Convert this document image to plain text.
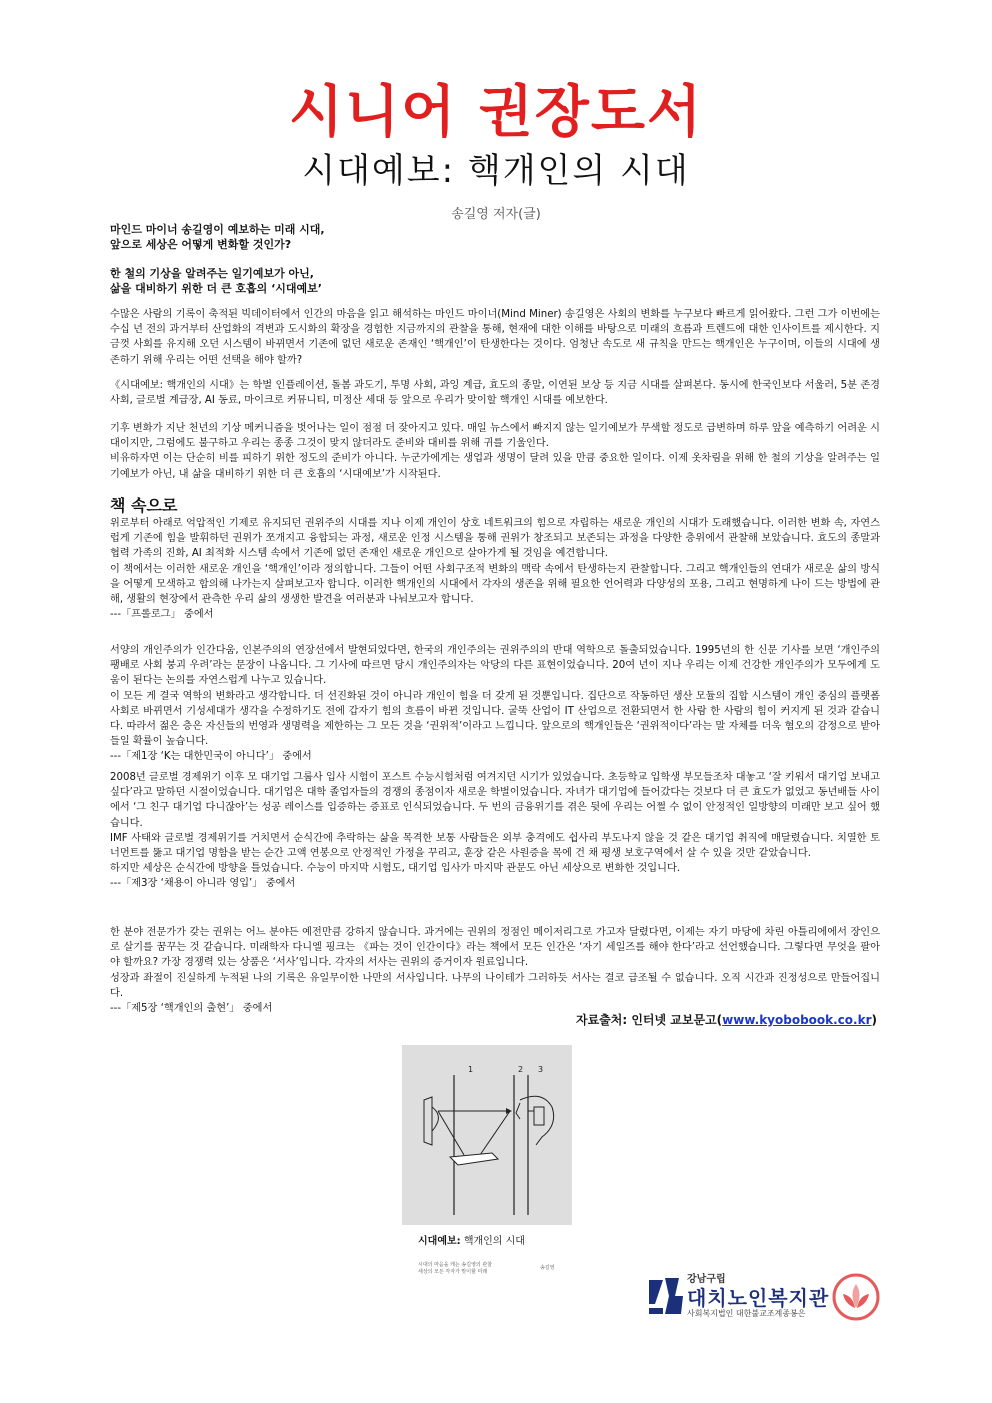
시니어 권장도서
시대예보: 핵개인의 시대
송길영 저자(글)
마인드 마이너 송길영이 예보하는 미래 시대,
앞으로 세상은 어떻게 변화할 것인가?
한 철의 기상을 알려주는 일기예보가 아닌,
삶을 대비하기 위한 더 큰 호흡의 ‘시대예보’

수많은 사람의 기록이 축적된 빅데이터에서 인간의 마음을 읽고 해석하는 마인드 마이너(Mind Miner) 송길영은 사회의 변화를 누구보다 빠르게 읽어왔다. 그런 그가 이번에는 수십 년 전의 과거부터 산업화의 격변과 도시화의 확장을 경험한 지금까지의 관찰을 통해, 현재에 대한 이해를 바탕으로 미래의 흐름과 트렌드에 대한 인사이트를 제시한다. 지금껏 사회를 유지해 오던 시스템이 바뀌면서 기존에 없던 새로운 존재인 ‘핵개인’이 탄생한다는 것이다. 엄청난 속도로 새 규칙을 만드는 핵개인은 누구이며, 이들의 시대에 생존하기 위해 우리는 어떤 선택을 해야 할까?

《시대예보: 핵개인의 시대》는 학벌 인플레이션, 돌봄 과도기, 투명 사회, 과잉 계급, 효도의 종말, 이연된 보상 등 지금 시대를 살펴본다. 동시에 한국인보다 서울러, 5분 존경 사회, 글로벌 계급장, AI 동료, 마이크로 커뮤니티, 미정산 세대 등 앞으로 우리가 맞이할 핵개인 시대를 예보한다.

기후 변화가 지난 천년의 기상 메커니즘을 벗어나는 일이 점점 더 잦아지고 있다. 매일 뉴스에서 빠지지 않는 일기예보가 무색할 정도로 급변하며 하루 앞을 예측하기 어려운 시대이지만, 그럼에도 불구하고 우리는 종종 그것이 맞지 않더라도 준비와 대비를 위해 귀를 기울인다.

비유하자면 이는 단순히 비를 피하기 위한 정도의 준비가 아니다. 누군가에게는 생업과 생명이 달려 있을 만큼 중요한 일이다. 이제 옷차림을 위해 한 철의 기상을 알려주는 일기예보가 아닌, 내 삶을 대비하기 위한 더 큰 호흡의 ‘시대예보’가 시작된다.

책 속으로

위로부터 아래로 억압적인 기제로 유지되던 권위주의 시대를 지나 이제 개인이 상호 네트워크의 힘으로 자립하는 새로운 개인의 시대가 도래했습니다. 이러한 변화 속, 자연스럽게 기존에 힘을 발휘하던 권위가 쪼개지고 융합되는 과정, 새로운 인정 시스템을 통해 권위가 창조되고 보존되는 과정을 다양한 층위에서 관찰해 보았습니다. 효도의 종말과 협력 가족의 진화, AI 최적화 시스템 속에서 기존에 없던 존재인 새로운 개인으로 살아가게 될 것임을 예견합니다.

이 책에서는 이러한 새로운 개인을 ‘핵개인’이라 정의합니다. 그들이 어떤 사회구조적 변화의 맥락 속에서 탄생하는지 관찰합니다. 그리고 핵개인들의 연대가 새로운 삶의 방식을 어떻게 모색하고 합의해 나가는지 살펴보고자 합니다. 이러한 핵개인의 시대에서 각자의 생존을 위해 필요한 언어력과 다양성의 포용, 그리고 현명하게 나이 드는 방법에 관해, 생활의 현장에서 관측한 우리 삶의 생생한 발견을 여러분과 나눠보고자 합니다.

---「프롤로그」 중에서

서양의 개인주의가 인간다움, 인본주의의 연장선에서 발현되었다면, 한국의 개인주의는 권위주의의 반대 역학으로 돌출되었습니다. 1995년의 한 신문 기사를 보면 ‘개인주의 팽배로 사회 붕괴 우려’라는 문장이 나옵니다. 그 기사에 따르면 당시 개인주의자는 악당의 다른 표현이었습니다. 20여 년이 지나 우리는 이제 건강한 개인주의가 모두에게 도움이 된다는 논의를 자연스럽게 나누고 있습니다.

이 모든 게 결국 역학의 변화라고 생각합니다. 더 선진화된 것이 아니라 개인이 힘을 더 갖게 된 것뿐입니다. 집단으로 작동하던 생산 모듈의 집합 시스템이 개인 중심의 플랫폼 사회로 바뀌면서 기성세대가 생각을 수정하기도 전에 갑자기 힘의 흐름이 바뀐 것입니다. 굴뚝 산업이 IT 산업으로 전환되면서 한 사람 한 사람의 힘이 커지게 된 것과 같습니다. 따라서 젊은 층은 자신들의 번영과 생명력을 제한하는 그 모든 것을 ‘권위적’이라고 느낍니다. 앞으로의 핵개인들은 ‘권위적이다’라는 말 자체를 더욱 혐오의 감정으로 받아들일 확률이 높습니다.

---「제1장 ‘K는 대한민국이 아니다’」 중에서

2008년 글로벌 경제위기 이후 모 대기업 그룹사 입사 시험이 포스트 수능시험처럼 여겨지던 시기가 있었습니다. 초등학교 입학생 부모들조차 대놓고 ‘잘 키워서 대기업 보내고 싶다’라고 말하던 시절이었습니다. 대기업은 대학 졸업자들의 경쟁의 종점이자 새로운 학벌이었습니다. 자녀가 대기업에 들어갔다는 것보다 더 큰 효도가 없었고 동년배들 사이에서 ‘그 친구 대기업 다니잖아’는 성공 레이스를 입증하는 증표로 인식되었습니다. 두 번의 금융위기를 겪은 뒷에 우리는 어쩔 수 없이 안정적인 일방향의 미래만 보고 싶어 했습니다.

IMF 사태와 글로벌 경제위기를 거치면서 순식간에 추락하는 삶을 목격한 보통 사람들은 외부 충격에도 쉽사리 부도나지 않을 것 같은 대기업 취직에 매달렸습니다. 치열한 토너먼트를 뚫고 대기업 명함을 받는 순간 고액 연봉으로 안정적인 가정을 꾸리고, 훈장 같은 사원증을 목에 건 채 평생 보호구역에서 살 수 있을 것만 같았습니다.

하지만 세상은 순식간에 방향을 틀었습니다. 수능이 마지막 시험도, 대기업 입사가 마지막 관문도 아닌 세상으로 변화한 것입니다.

---「제3장 ‘채용이 아니라 영입’」 중에서

한 분야 전문가가 갖는 권위는 어느 분야든 예전만큼 강하지 않습니다. 과거에는 권위의 정점인 메이저리그로 가고자 달렸다면, 이제는 자기 마당에 차린 아틀리에에서 장인으로 살기를 꿈꾸는 것 같습니다. 미래학자 다니엘 핑크는 《파는 것이 인간이다》라는 책에서 모든 인간은 ‘자기 세일즈를 해야 한다’라고 선언했습니다. 그렇다면 무엇을 팔아야 할까요? 가장 경쟁력 있는 상품은 ‘서사’입니다. 각자의 서사는 권위의 증거이자 원료입니다.

성장과 좌절이 진실하게 누적된 나의 기록은 유일무이한 나만의 서사입니다. 나무의 나이테가 그러하듯 서사는 결코 급조될 수 없습니다. 오직 시간과 진정성으로 만들어집니다.

---「제5장 ‘핵개인의 출현’」 중에서

자료출처: 인터넷 교보문고(www.kyobobook.co.kr)
1	2 3
시대예보: 핵개인의 시대
시대의 마음을 캐는 송길영의 관찰
세상의 모든 각자가 맞이할 미래
송길영
강남구립
대치노인복지관
사회복지법인 대한불교조계종봉은
